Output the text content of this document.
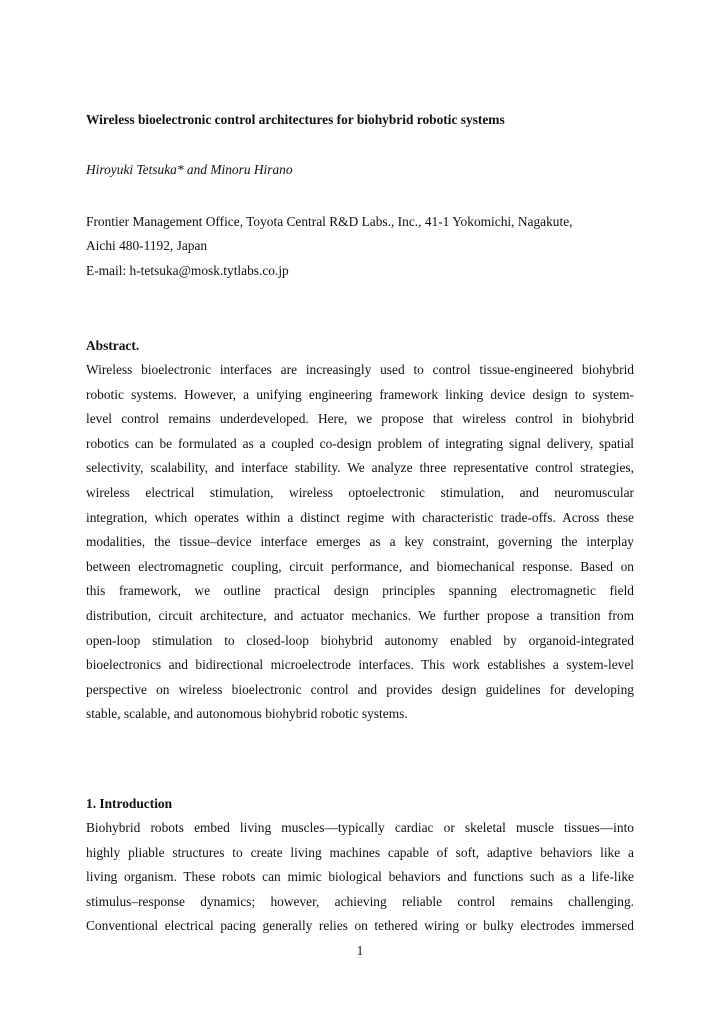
Wireless bioelectronic control architectures for biohybrid robotic systems
Hiroyuki Tetsuka* and Minoru Hirano
Frontier Management Office, Toyota Central R&D Labs., Inc., 41-1 Yokomichi, Nagakute,
Aichi 480-1192, Japan
E-mail: h-tetsuka@mosk.tytlabs.co.jp
Abstract.
Wireless bioelectronic interfaces are increasingly used to control tissue-engineered biohybrid
robotic systems. However, a unifying engineering framework linking device design to system-
level control remains underdeveloped. Here, we propose that wireless control in biohybrid
robotics can be formulated as a coupled co-design problem of integrating signal delivery, spatial
selectivity, scalability, and interface stability. We analyze three representative control strategies,
wireless electrical stimulation, wireless optoelectronic stimulation, and neuromuscular
integration, which operates within a distinct regime with characteristic trade-offs. Across these
modalities, the tissue–device interface emerges as a key constraint, governing the interplay
between electromagnetic coupling, circuit performance, and biomechanical response. Based on
this framework, we outline practical design principles spanning electromagnetic field
distribution, circuit architecture, and actuator mechanics. We further propose a transition from
open-loop stimulation to closed-loop biohybrid autonomy enabled by organoid-integrated
bioelectronics and bidirectional microelectrode interfaces. This work establishes a system-level
perspective on wireless bioelectronic control and provides design guidelines for developing
stable, scalable, and autonomous biohybrid robotic systems.
1. Introduction
Biohybrid robots embed living muscles—typically cardiac or skeletal muscle tissues—into
highly pliable structures to create living machines capable of soft, adaptive behaviors like a
living organism. These robots can mimic biological behaviors and functions such as a life-like
stimulus–response dynamics; however, achieving reliable control remains challenging.
Conventional electrical pacing generally relies on tethered wiring or bulky electrodes immersed
1
